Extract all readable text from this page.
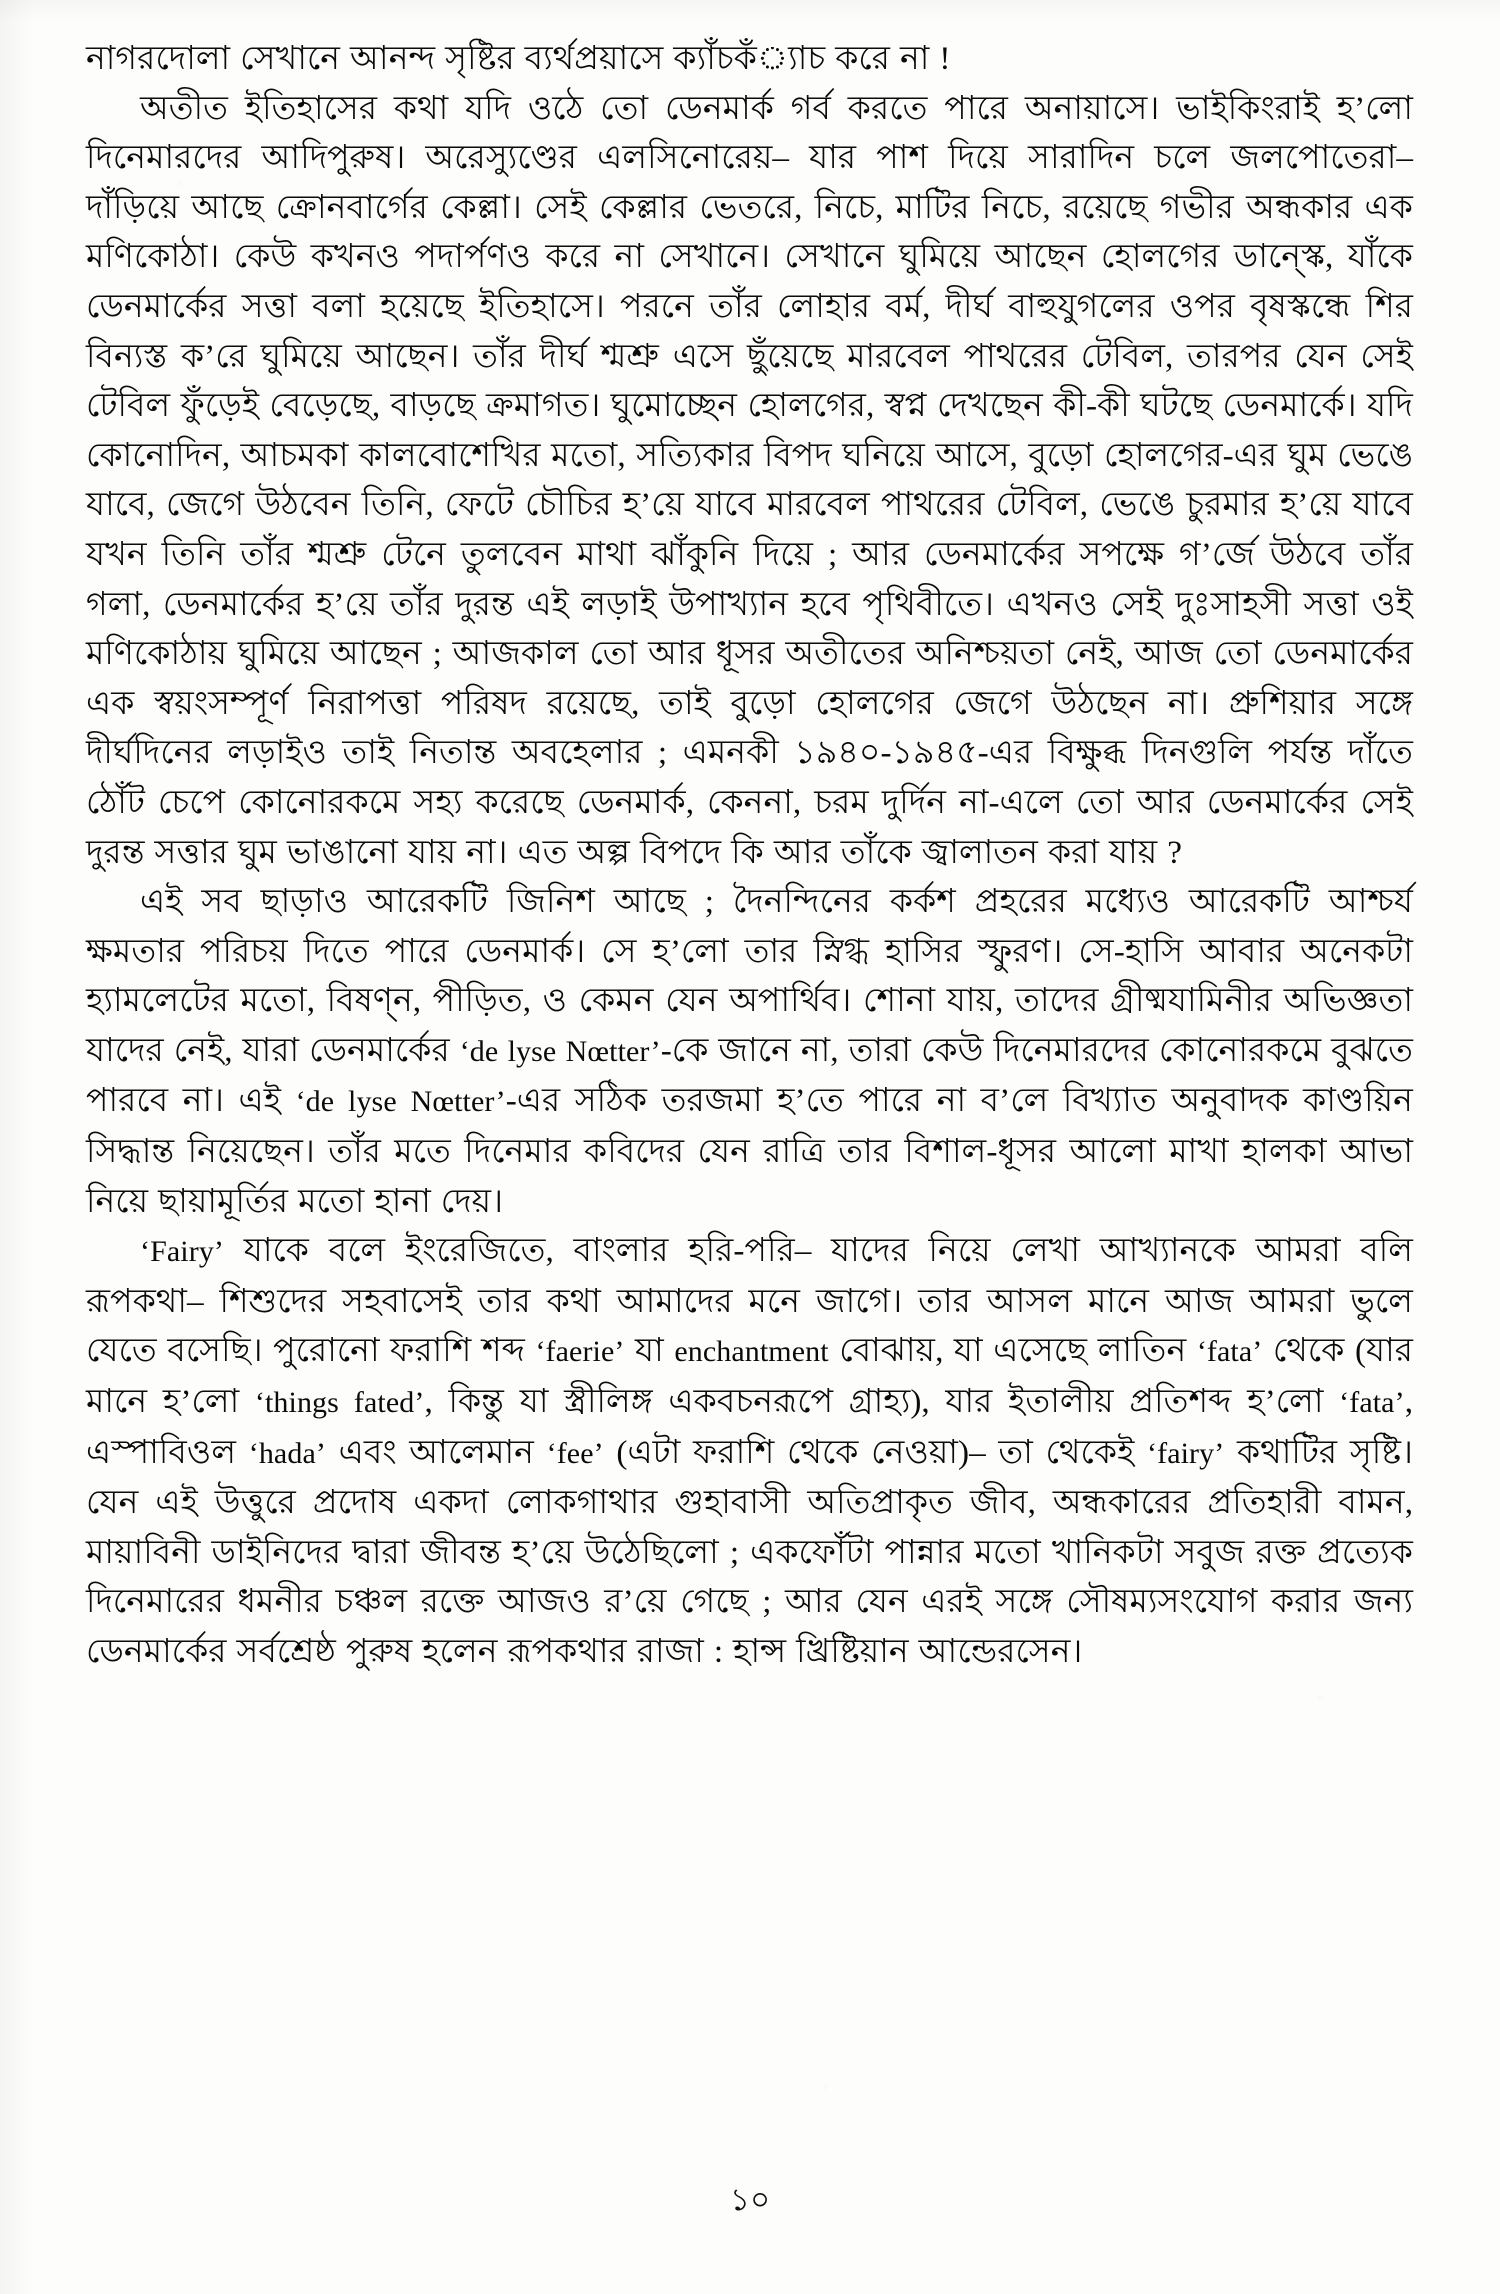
নাগরদোলা সেখানে আনন্দ সৃষ্টির ব্যর্থপ্রয়াসে ক্যাঁচকঁ্যাচ করে না !

অতীত ইতিহাসের কথা যদি ওঠে তো ডেনমার্ক গর্ব করতে পারে অনায়াসে। ভাইকিংরাই হ’লো দিনেমারদের আদিপুরুষ। অরেস্যুণ্ডের এলসিনোরেয়– যার পাশ দিয়ে সারাদিন চলে জলপোতেরা– দাঁড়িয়ে আছে ক্রোনবার্গের কেল্লা। সেই কেল্লার ভেতরে, নিচে, মাটির নিচে, রয়েছে গভীর অন্ধকার এক মণিকোঠা। কেউ কখনও পদার্পণও করে না সেখানে। সেখানে ঘুমিয়ে আছেন হোলগের ডান্স্কে, যাঁকে ডেনমার্কের সত্তা বলা হয়েছে ইতিহাসে। পরনে তাঁর লোহার বর্ম, দীর্ঘ বাহুযুগলের ওপর বৃষস্কন্ধে শির বিন্যস্ত ক’রে ঘুমিয়ে আছেন। তাঁর দীর্ঘ শ্মশ্রু এসে ছুঁয়েছে মারবেল পাথরের টেবিল, তারপর যেন সেই টেবিল ফুঁড়েই বেড়েছে, বাড়ছে ক্রমাগত। ঘুমোচ্ছেন হোলগের, স্বপ্ন দেখছেন কী-কী ঘটছে ডেনমার্কে। যদি কোনোদিন, আচমকা কালবোশেখির মতো, সত্যিকার বিপদ ঘনিয়ে আসে, বুড়ো হোলগের-এর ঘুম ভেঙে যাবে, জেগে উঠবেন তিনি, ফেটে চৌচির হ’য়ে যাবে মারবেল পাথরের টেবিল, ভেঙে চুরমার হ’য়ে যাবে যখন তিনি তাঁর শ্মশ্রু টেনে তুলবেন মাথা ঝাঁকুনি দিয়ে ; আর ডেনমার্কের সপক্ষে গ’র্জে উঠবে তাঁর গলা, ডেনমার্কের হ’য়ে তাঁর দুরন্ত এই লড়াই উপাখ্যান হবে পৃথিবীতে। এখনও সেই দুঃসাহসী সত্তা ওই মণিকোঠায় ঘুমিয়ে আছেন ; আজকাল তো আর ধূসর অতীতের অনিশ্চয়তা নেই, আজ তো ডেনমার্কের এক স্বয়ংসম্পূর্ণ নিরাপত্তা পরিষদ রয়েছে, তাই বুড়ো হোলগের জেগে উঠছেন না। প্রুশিয়ার সঙ্গে দীর্ঘদিনের লড়াইও তাই নিতান্ত অবহেলার ; এমনকী ১৯৪০-১৯৪৫-এর বিক্ষুব্ধ দিনগুলি পর্যন্ত দাঁতে ঠোঁট চেপে কোনোরকমে সহ্য করেছে ডেনমার্ক, কেননা, চরম দুর্দিন না-এলে তো আর ডেনমার্কের সেই দুরন্ত সত্তার ঘুম ভাঙানো যায় না। এত অল্প বিপদে কি আর তাঁকে জ্বালাতন করা যায় ?

এই সব ছাড়াও আরেকটি জিনিশ আছে ; দৈনন্দিনের কর্কশ প্রহরের মধ্যেও আরেকটি আশ্চর্য ক্ষমতার পরিচয় দিতে পারে ডেনমার্ক। সে হ’লো তার স্নিগ্ধ হাসির স্ফুরণ। সে-হাসি আবার অনেকটা হ্যামলেটের মতো, বিষণ্ন, পীড়িত, ও কেমন যেন অপার্থিব। শোনা যায়, তাদের গ্রীষ্মযামিনীর অভিজ্ঞতা যাদের নেই, যারা ডেনমার্কের ‘de lyse Nœtter’-কে জানে না, তারা কেউ দিনেমারদের কোনোরকমে বুঝতে পারবে না। এই ‘de lyse Nœtter’-এর সঠিক তরজমা হ’তে পারে না ব’লে বিখ্যাত অনুবাদক কাণ্ডয়িন সিদ্ধান্ত নিয়েছেন। তাঁর মতে দিনেমার কবিদের যেন রাত্রি তার বিশাল-ধূসর আলো মাখা হালকা আভা নিয়ে ছায়ামূর্তির মতো হানা দেয়।

‘Fairy’ যাকে বলে ইংরেজিতে, বাংলার হরি-পরি– যাদের নিয়ে লেখা আখ্যানকে আমরা বলি রূপকথা– শিশুদের সহবাসেই তার কথা আমাদের মনে জাগে। তার আসল মানে আজ আমরা ভুলে যেতে বসেছি। পুরোনো ফরাশি শব্দ ‘faerie’ যা enchantment বোঝায়, যা এসেছে লাতিন ‘fata’ থেকে (যার মানে হ’লো ‘things fated’, কিন্তু যা স্ত্রীলিঙ্গ একবচনরূপে গ্রাহ্য), যার ইতালীয় প্রতিশব্দ হ’লো ‘fata’, এস্পাবিওল ‘hada’ এবং আলেমান ‘fee’ (এটা ফরাশি থেকে নেওয়া)– তা থেকেই ‘fairy’ কথাটির সৃষ্টি। যেন এই উত্তুরে প্রদোষ একদা লোকগাথার গুহাবাসী অতিপ্রাকৃত জীব, অন্ধকারের প্রতিহারী বামন, মায়াবিনী ডাইনিদের দ্বারা জীবন্ত হ’য়ে উঠেছিলো ; একফোঁটা পান্নার মতো খানিকটা সবুজ রক্ত প্রত্যেক দিনেমারের ধমনীর চঞ্চল রক্তে আজও র’য়ে গেছে ; আর যেন এরই সঙ্গে সৌষম্যসংযোগ করার জন্য ডেনমার্কের সর্বশ্রেষ্ঠ পুরুষ হলেন রূপকথার রাজা : হান্স খ্রিষ্টিয়ান আন্ডেরসেন।

১০
